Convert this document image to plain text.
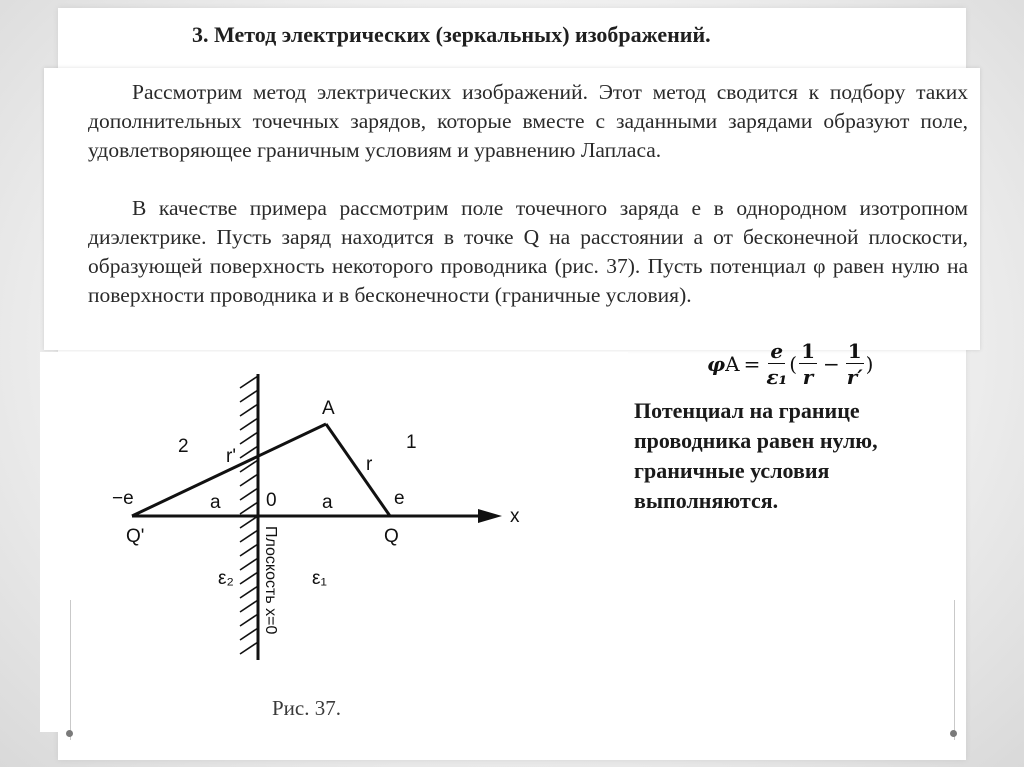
3. Метод электрических (зеркальных) изображений.
Рассмотрим метод электрических изображений. Этот метод сводится к подбору таких дополнительных точечных зарядов, которые вместе с заданными зарядами образуют поле, удовлетворяющее граничным условиям и уравнению Лапласа.
В качестве примера рассмотрим поле точечного заряда e в однородном изотропном диэлектрике. Пусть заряд находится в точке Q на расстоянии a от бесконечной плоскости, образующей поверхность некоторого проводника (рис. 37). Пусть потенциал φ равен нулю на поверхности проводника и в бесконечности (граничные условия).
A
2	1
r'	r
−e	e
a	a
0
x
Q'	Q
ε₂	ε₁
Плоскость x=0
Рис. 37.
φ $A = \frac{e}{\text{ε₁}}$ ( $\frac{1}{r} - \frac{1}{r'}$ )
Потенциал на границе
проводника равен нулю,
граничные условия
выполняются.
